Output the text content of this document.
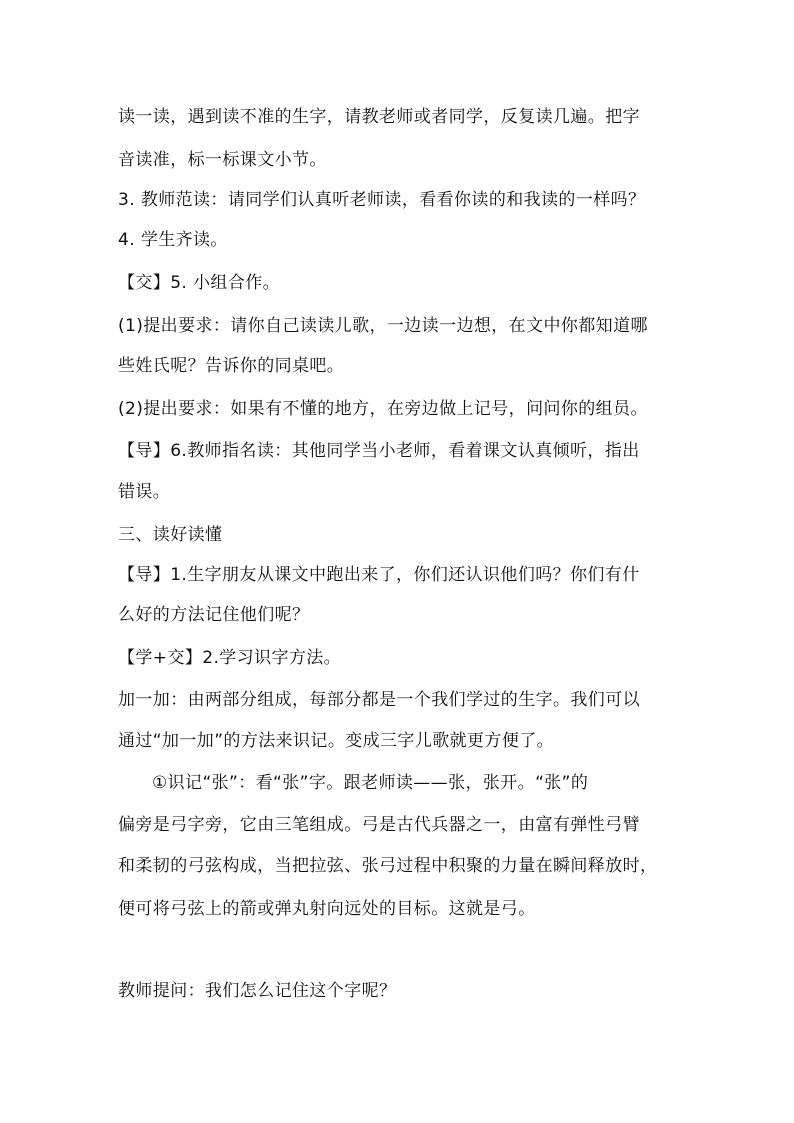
读一读，遇到读不准的生字，请教老师或者同学，反复读几遍。把字
音读准，标一标课文小节。
3. 教师范读：请同学们认真听老师读，看看你读的和我读的一样吗？
4. 学生齐读。
【交】5. 小组合作。
(1)提出要求：请你自己读读儿歌，一边读一边想，在文中你都知道哪
些姓氏呢？告诉你的同桌吧。
(2)提出要求：如果有不懂的地方，在旁边做上记号，问问你的组员。
【导】6.教师指名读：其他同学当小老师，看着课文认真倾听，指出
错误。
三、读好读懂
【导】1.生字朋友从课文中跑出来了，你们还认识他们吗？你们有什
么好的方法记住他们呢？
【学+交】2.学习识字方法。
加一加：由两部分组成，每部分都是一个我们学过的生字。我们可以
通过“加一加”的方法来识记。变成三字儿歌就更方便了。
①识记“张”：看“张”字。跟老师读——张，张开。“张”的
偏旁是弓字旁，它由三笔组成。弓是古代兵器之一，由富有弹性弓臂
和柔韧的弓弦构成，当把拉弦、张弓过程中积聚的力量在瞬间释放时，
便可将弓弦上的箭或弹丸射向远处的目标。这就是弓。
教师提问：我们怎么记住这个字呢？
